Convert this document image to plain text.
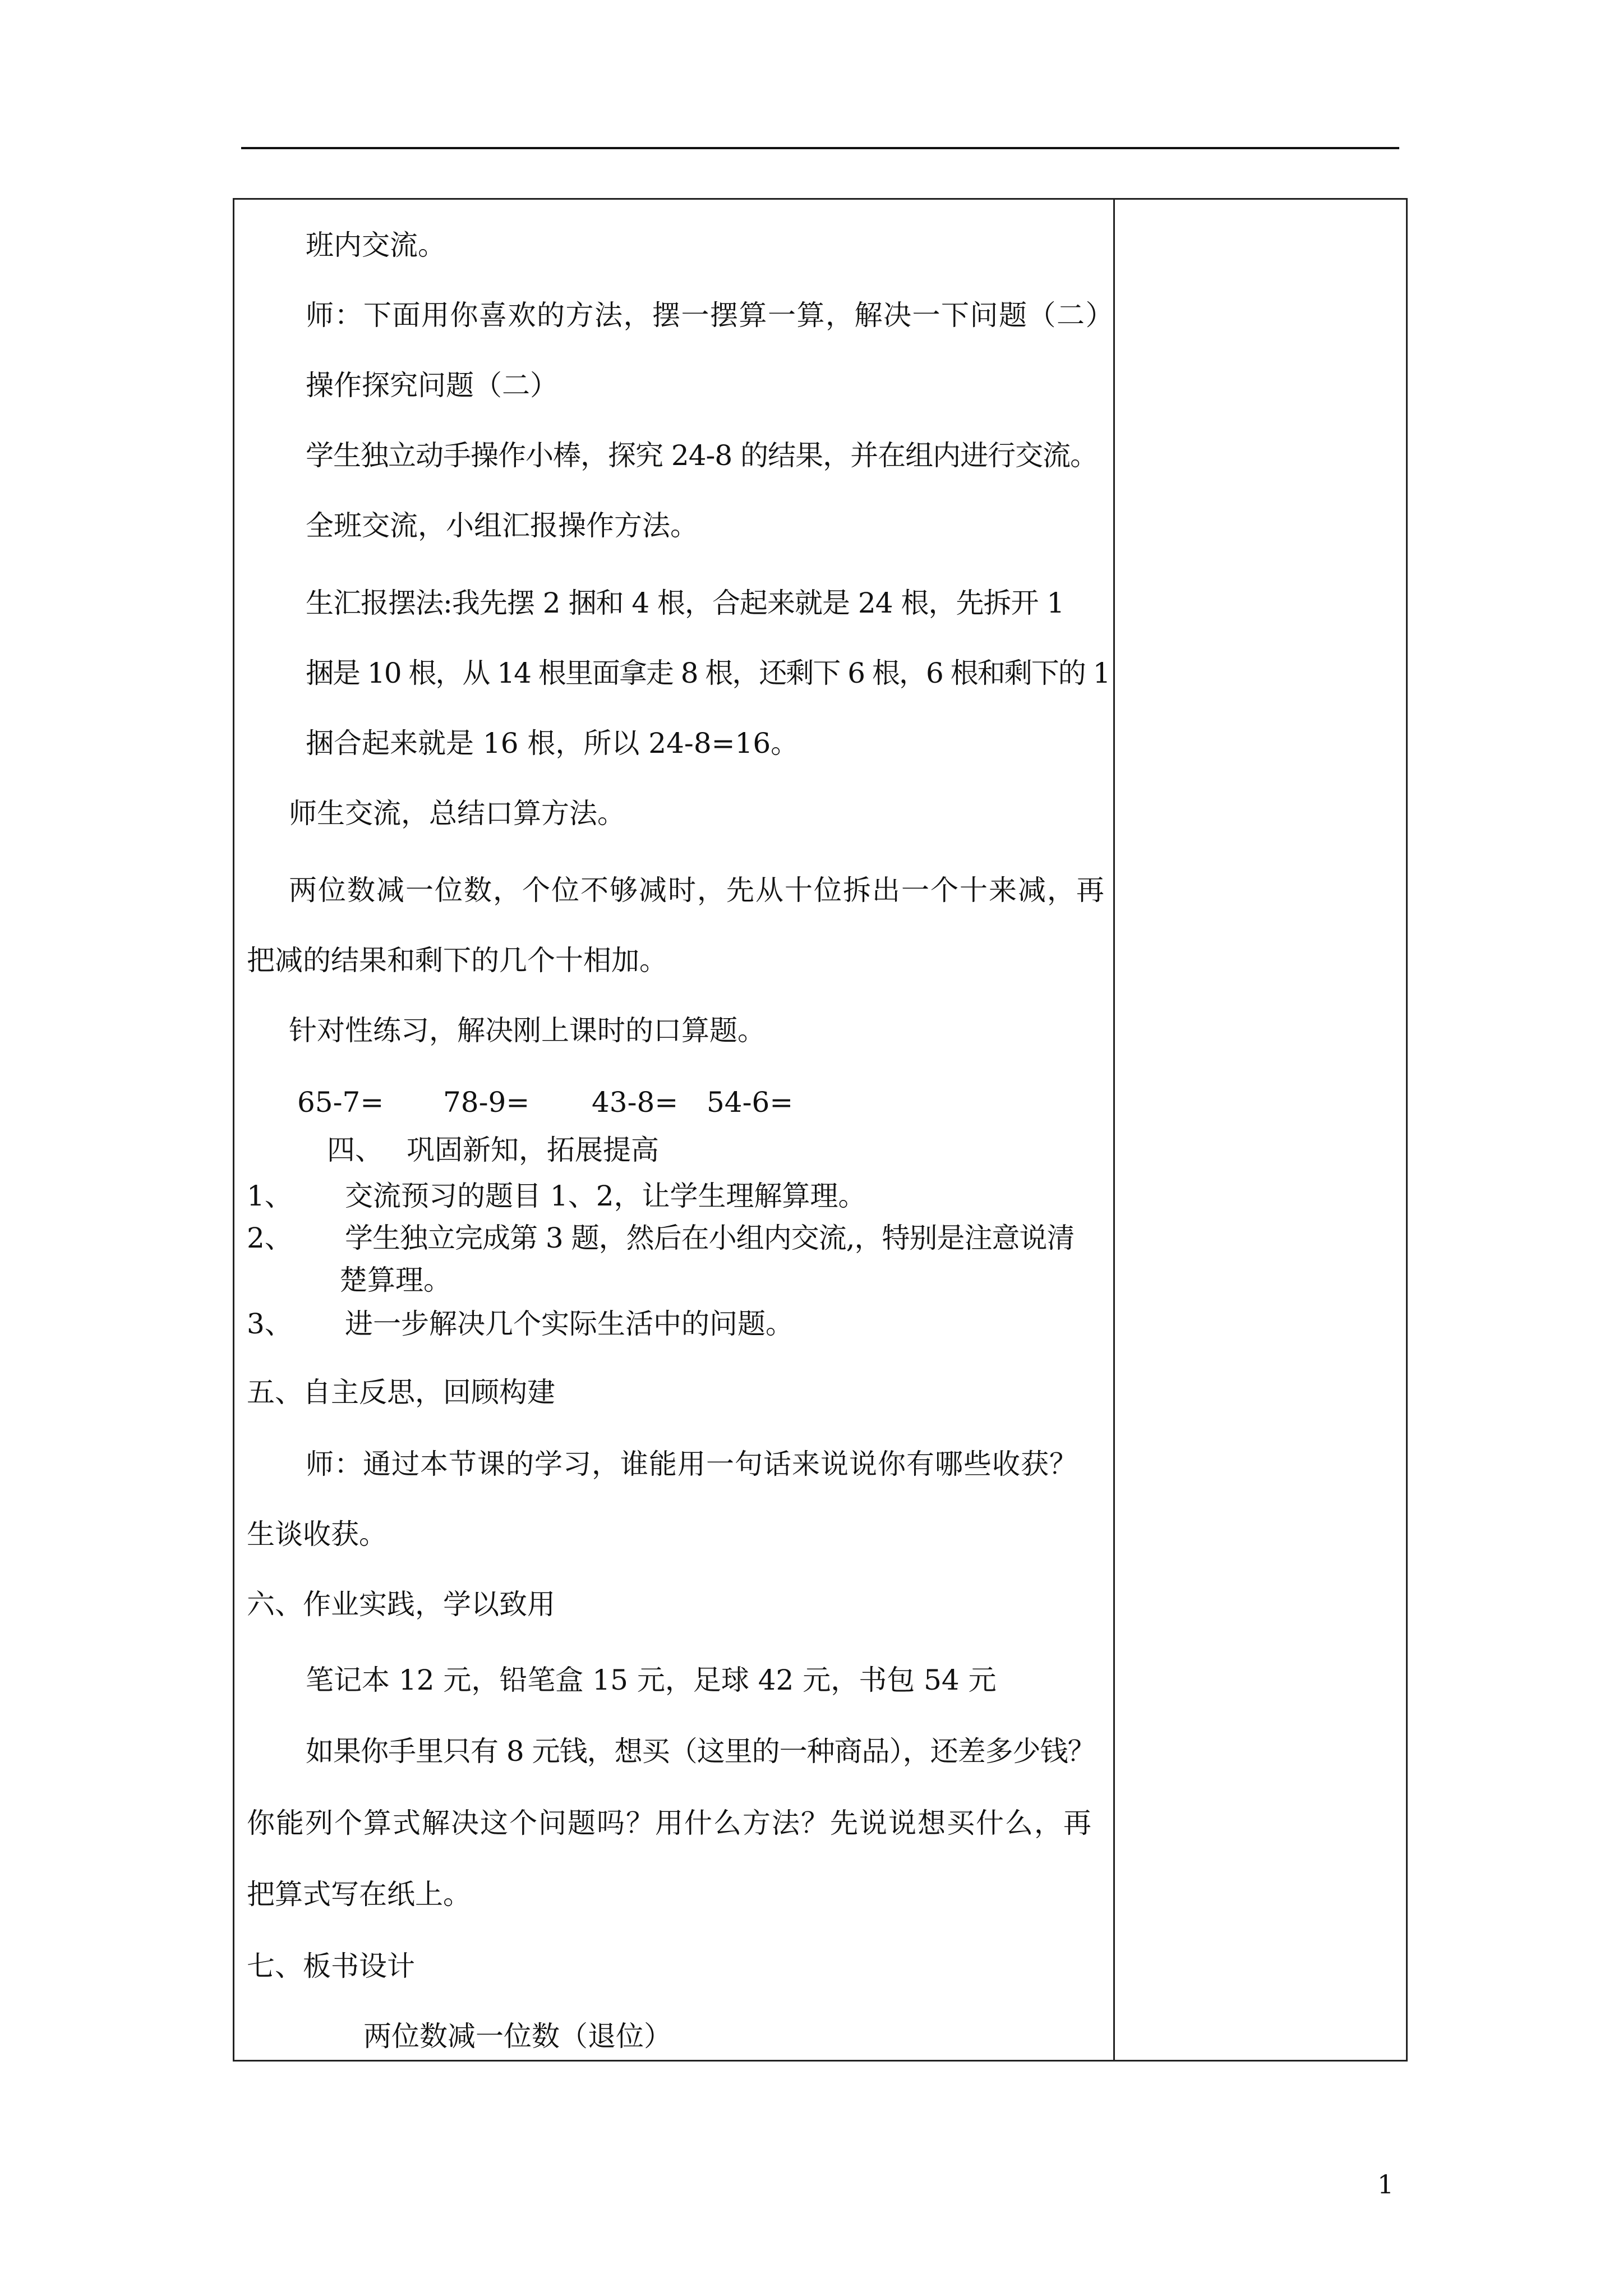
班内交流。
师：下面用你喜欢的方法，摆一摆算一算，解决一下问题（二）
操作探究问题（二）
学生独立动手操作小棒，探究 24-8 的结果，并在组内进行交流。
全班交流，小组汇报操作方法。
生汇报摆法:我先摆 2 捆和 4 根，合起来就是 24 根，先拆开 1
捆是 10 根，从 14 根里面拿走 8 根，还剩下 6 根，6 根和剩下的 1
捆合起来就是 16 根，所以 24-8=16。
师生交流，总结口算方法。
两位数减一位数，个位不够减时，先从十位拆出一个十来减，再
把减的结果和剩下的几个十相加。
针对性练习，解决刚上课时的口算题。
65-7= 78-9= 43-8= 54-6=
四、 巩固新知，拓展提高
1、 交流预习的题目 1、2，让学生理解算理。
2、 学生独立完成第 3 题，然后在小组内交流,，特别是注意说清
楚算理。
3、 进一步解决几个实际生活中的问题。
五、自主反思，回顾构建
师：通过本节课的学习，谁能用一句话来说说你有哪些收获？
生谈收获。
六、作业实践，学以致用
笔记本 12 元，铅笔盒 15 元，足球 42 元，书包 54 元
如果你手里只有 8 元钱，想买（这里的一种商品），还差多少钱？
你能列个算式解决这个问题吗？用什么方法？先说说想买什么，再
把算式写在纸上。
七、板书设计
两位数减一位数（退位）
1
